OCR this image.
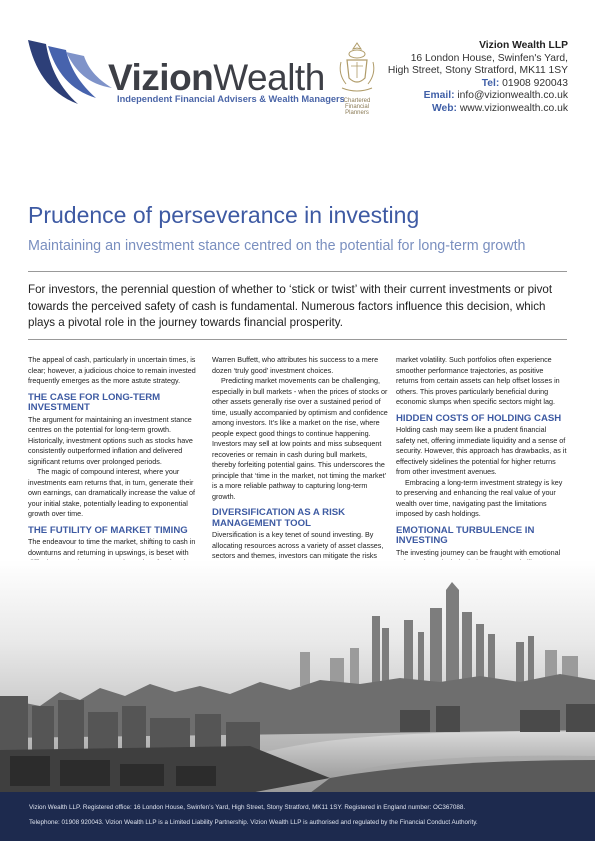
VizionWealth
Independent Financial Advisers & Wealth Managers
Chartered
Financial
Planners
Vizion Wealth LLP
16 London House, Swinfen's Yard,
High Street, Stony Stratford, MK11 1SY
Tel: 01908 920043
Email: info@vizionwealth.co.uk
Web: www.vizionwealth.co.uk
Prudence of perseverance in investing
Maintaining an investment stance centred on the potential for long-term growth
For investors, the perennial question of whether to ‘stick or twist’ with their current investments or pivot towards the perceived safety of cash is fundamental. Numerous factors influence this decision, which plays a pivotal role in the journey towards financial prosperity.

The appeal of cash, particularly in uncertain times, is clear; however, a judicious choice to remain invested frequently emerges as the more astute strategy.

THE CASE FOR LONG-TERM INVESTMENT

The argument for maintaining an investment stance centres on the potential for long-term growth. Historically, investment options such as stocks have consistently outperformed inflation and delivered significant returns over prolonged periods.

The magic of compound interest, where your investments earn returns that, in turn, generate their own earnings, can dramatically increase the value of your initial stake, potentially leading to exponential growth over time.

THE FUTILITY OF MARKET TIMING

The endeavour to time the market, shifting to cash in downturns and returning in upswings, is beset with

Warren Buffett, who attributes his success to a mere dozen ‘truly good’ investment choices.

Predicting market movements can be challenging, especially in bull markets - when the prices of stocks or other assets generally rise over a sustained period of time, usually accompanied by optimism and confidence among investors. It’s like a market on the rise, where people expect good things to continue happening. Investors may sell at low points and miss subsequent recoveries or remain in cash during bull markets, thereby forfeiting potential gains. This underscores the principle that ‘time in the market, not timing the market’ is a more reliable pathway to capturing long-term growth.

DIVERSIFICATION AS A RISK MANAGEMENT TOOL

Diversification is a key tenet of sound investing. By allocating resources across a variety of asset classes, sectors and themes, investors can mitigate the risks

market volatility. Such portfolios often experience smoother performance trajectories, as positive returns from certain assets can help offset losses in others. This proves particularly beneficial during economic slumps when specific sectors might lag.

HIDDEN COSTS OF HOLDING CASH

Holding cash may seem like a prudent financial safety net, offering immediate liquidity and a sense of security. However, this approach has drawbacks, as it effectively sidelines the potential for higher returns from other investment avenues.

Embracing a long-term investment strategy is key to preserving and enhancing the real value of your wealth over time, navigating past the limitations imposed by cash holdings.

EMOTIONAL TURBULENCE IN INVESTING

The investing journey can be fraught with emotional

Vizion Wealth LLP. Registered office: 16 London House, Swinfen’s Yard, High Street, Stony Stratford, MK11 1SY. Registered in England number: OC367088.
Telephone: 01908 920043. Vizion Wealth LLP is a Limited Liability Partnership. Vizion Wealth LLP is authorised and regulated by the Financial Conduct Authority.
